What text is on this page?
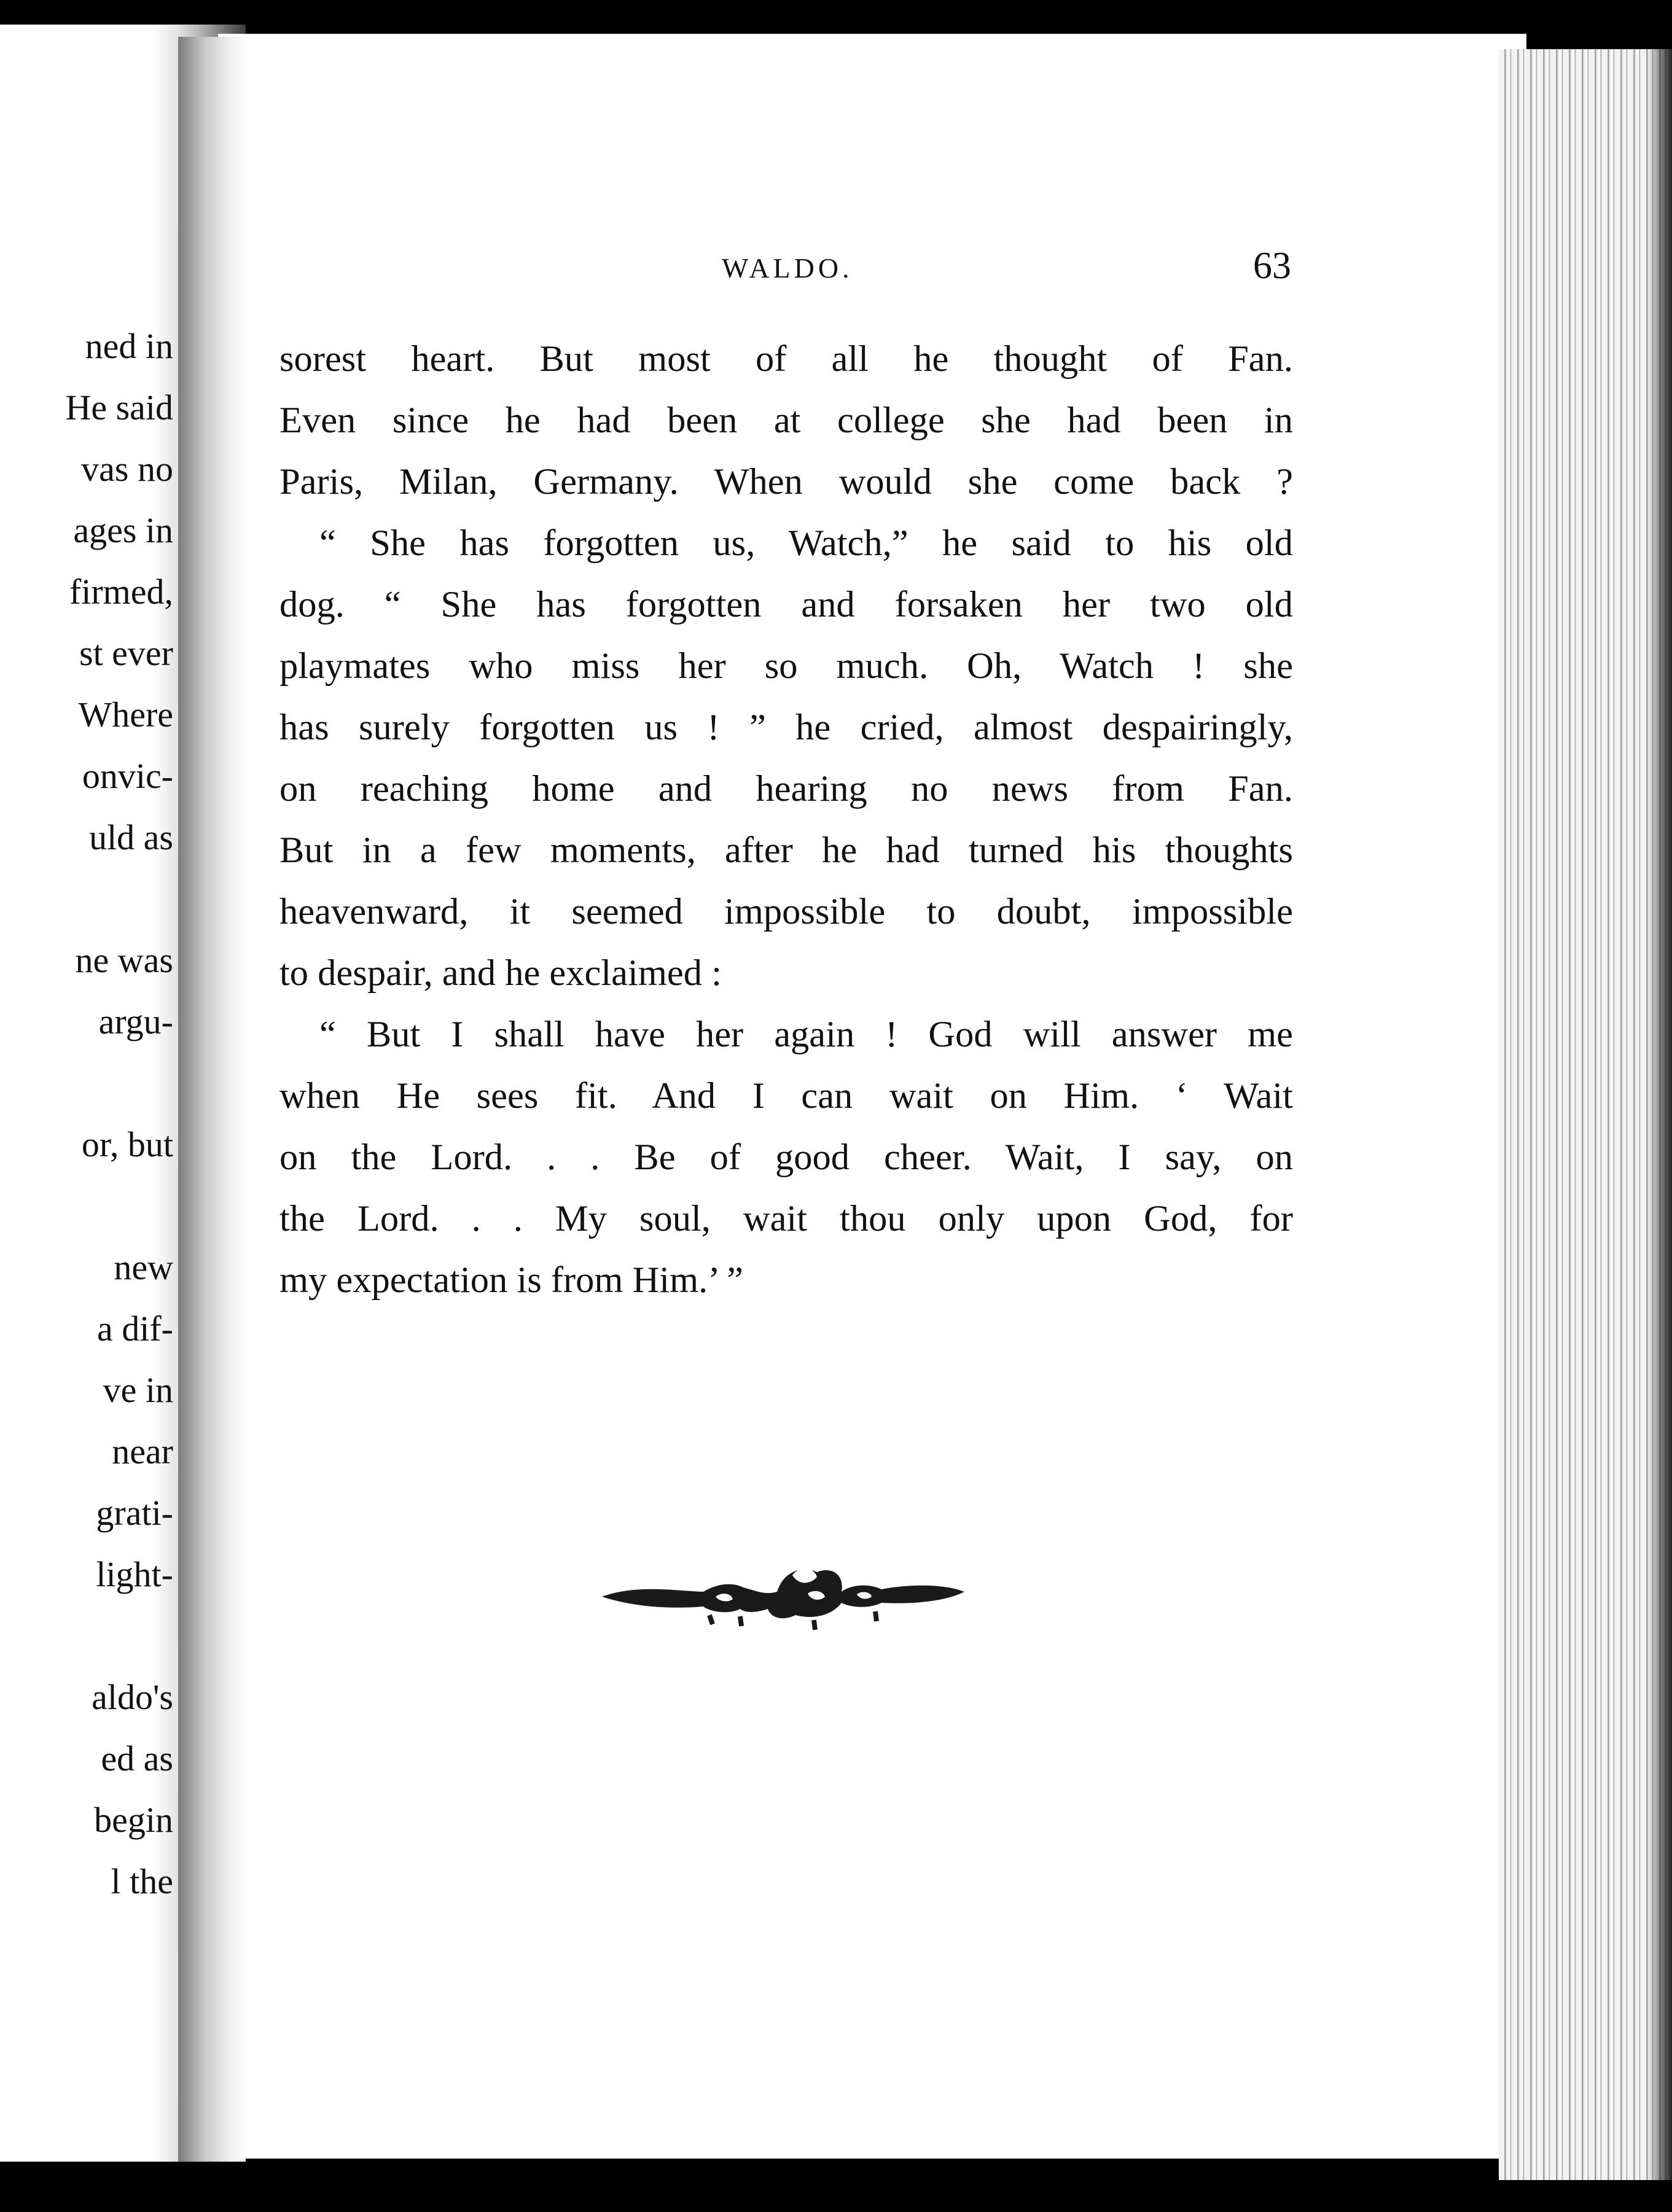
ned in
He said
vas no
ages in
firmed,
st ever
Where
onvic-
uld as
ne was
argu-
or, but
new
a dif-
ve in
near
grati-
light-
aldo's
ed as
begin
l the
WALDO.	63
sorest heart. But most of all he thought of Fan.
Even since he had been at college she had been in
Paris, Milan, Germany. When would she come back ?
“ She has forgotten us, Watch,” he said to his old
dog. “ She has forgotten and forsaken her two old
playmates who miss her so much. Oh, Watch ! she
has surely forgotten us ! ” he cried, almost despairingly,
on reaching home and hearing no news from Fan.
But in a few moments, after he had turned his thoughts
heavenward, it seemed impossible to doubt, impossible
to despair, and he exclaimed :
“ But I shall have her again ! God will answer me
when He sees fit. And I can wait on Him. ‘ Wait
on the Lord. . . Be of good cheer. Wait, I say, on
the Lord. . . My soul, wait thou only upon God, for
my expectation is from Him.’ ”
